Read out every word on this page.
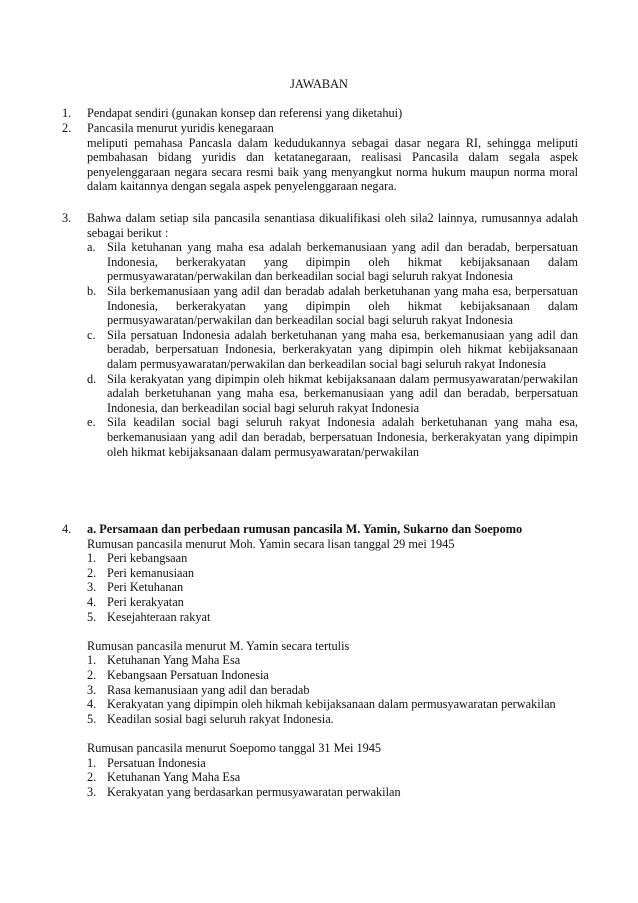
JAWABAN
1.	Pendapat sendiri (gunakan konsep dan referensi yang diketahui)
2.	Pancasila menurut yuridis kenegaraan
meliputi pemahasa Pancasla dalam kedudukannya sebagai dasar negara RI, sehingga meliputi pembahasan bidang yuridis dan ketatanegaraan, realisasi Pancasila dalam segala aspek penyelenggaraan negara secara resmi baik yang menyangkut norma hukum maupun norma moral dalam kaitannya dengan segala aspek penyelenggaraan negara.
3.	Bahwa dalam setiap sila pancasila senantiasa dikualifikasi oleh sila2 lainnya, rumusannya adalah sebagai berikut :
a. Sila ketuhanan yang maha esa adalah berkemanusiaan yang adil dan beradab, berpersatuan Indonesia, berkerakyatan yang dipimpin oleh hikmat kebijaksanaan dalam permusyawaratan/perwakilan dan berkeadilan social bagi seluruh rakyat Indonesia
b. Sila berkemanusiaan yang adil dan beradab adalah berketuhanan yang maha esa, berpersatuan Indonesia, berkerakyatan yang dipimpin oleh hikmat kebijaksanaan dalam permusyawaratan/perwakilan dan berkeadilan social bagi seluruh rakyat Indonesia
c. Sila persatuan Indonesia adalah berketuhanan yang maha esa, berkemanusiaan yang adil dan beradab, berpersatuan Indonesia, berkerakyatan yang dipimpin oleh hikmat kebijaksanaan dalam permusyawaratan/perwakilan dan berkeadilan social bagi seluruh rakyat Indonesia
d. Sila kerakyatan yang dipimpin oleh hikmat kebijaksanaan dalam permusyawaratan/perwakilan adalah berketuhanan yang maha esa, berkemanusiaan yang adil dan beradab, berpersatuan Indonesia, dan berkeadilan social bagi seluruh rakyat Indonesia
e. Sila keadilan social bagi seluruh rakyat Indonesia adalah berketuhanan yang maha esa, berkemanusiaan yang adil dan beradab, berpersatuan Indonesia, berkerakyatan yang dipimpin oleh hikmat kebijaksanaan dalam permusyawaratan/perwakilan
4.	a. Persamaan dan perbedaan rumusan pancasila M. Yamin, Sukarno dan Soepomo
Rumusan pancasila menurut Moh. Yamin secara lisan tanggal 29 mei 1945
1. Peri kebangsaan
2. Peri kemanusiaan
3. Peri Ketuhanan
4. Peri kerakyatan
5. Kesejahteraan rakyat
Rumusan pancasila menurut M. Yamin secara tertulis
1. Ketuhanan Yang Maha Esa
2. Kebangsaan Persatuan Indonesia
3. Rasa kemanusiaan yang adil dan beradab
4. Kerakyatan yang dipimpin oleh hikmah kebijaksanaan dalam permusyawaratan perwakilan
5. Keadilan sosial bagi seluruh rakyat Indonesia.
Rumusan pancasila menurut Soepomo tanggal 31 Mei 1945
1. Persatuan Indonesia
2. Ketuhanan Yang Maha Esa
3. Kerakyatan yang berdasarkan permusyawaratan perwakilan
